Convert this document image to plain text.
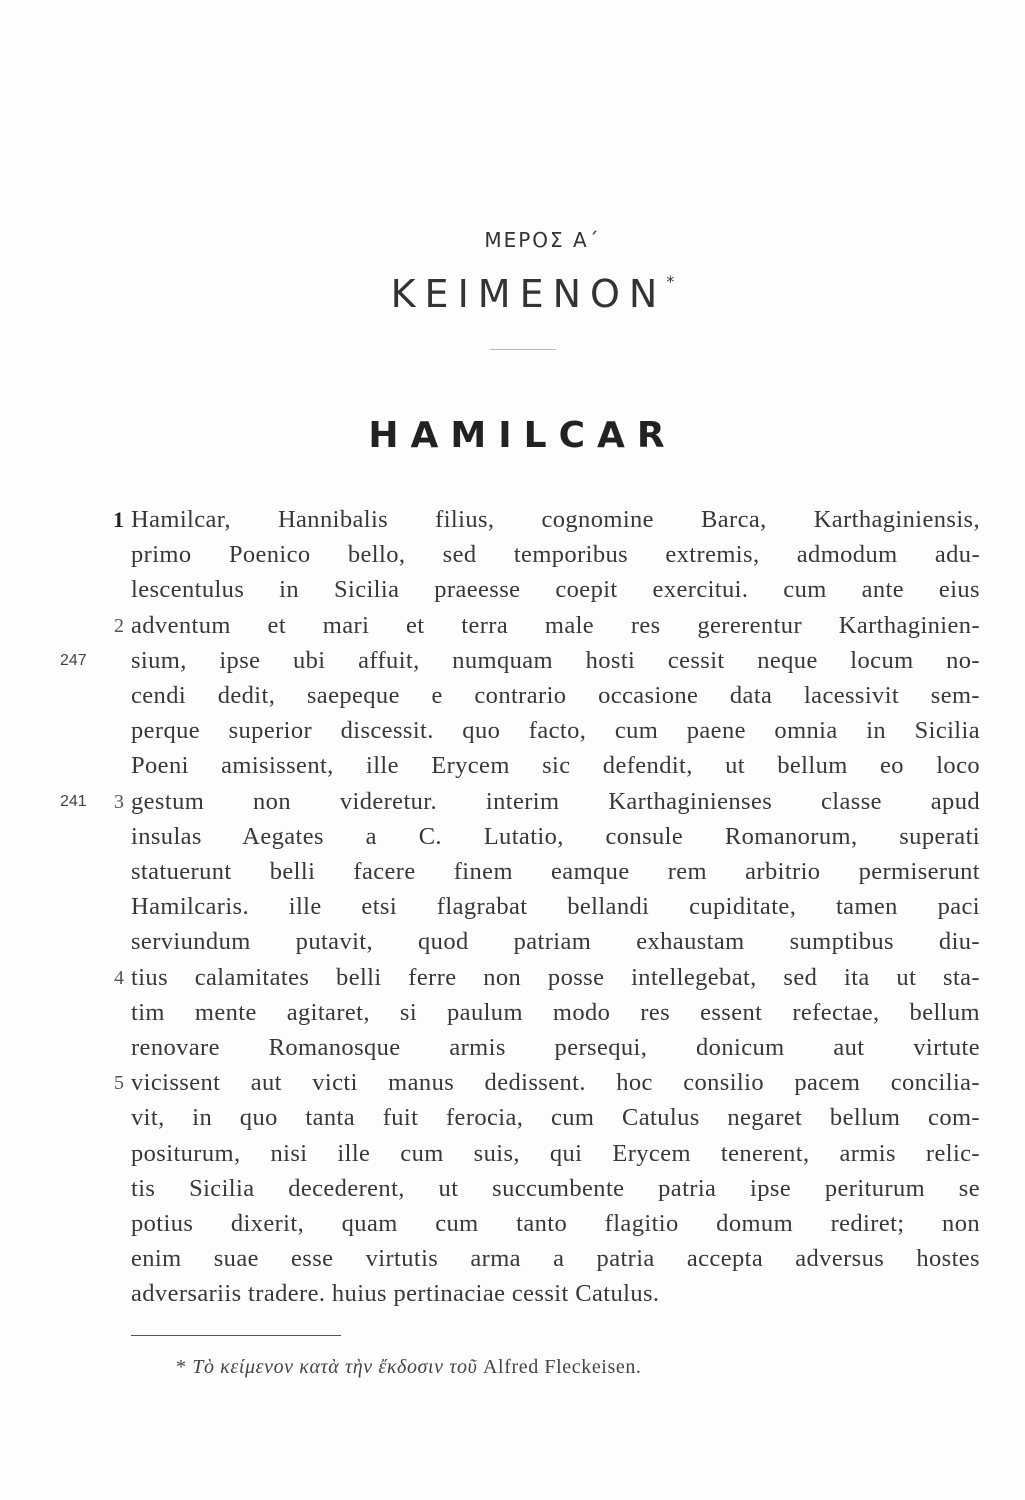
ΜΕΡΟΣ Α΄
KEIMENON*
HAMILCAR
Hamilcar, Hannibalis filius, cognomine Barca, Karthaginiensis,
1
primo Poenico bello, sed temporibus extremis, admodum adu-
lescentulus in Sicilia praeesse coepit exercitui. cum ante eius
adventum et mari et terra male res gererentur Karthaginien-
2
sium, ipse ubi affuit, numquam hosti cessit neque locum no-
247
cendi dedit, saepeque e contrario occasione data lacessivit sem-
perque superior discessit. quo facto, cum paene omnia in Sicilia
Poeni amisissent, ille Erycem sic defendit, ut bellum eo loco
gestum non videretur. interim Karthaginienses classe apud
3
241
insulas Aegates a C. Lutatio, consule Romanorum, superati
statuerunt belli facere finem eamque rem arbitrio permiserunt
Hamilcaris. ille etsi flagrabat bellandi cupiditate, tamen paci
serviundum putavit, quod patriam exhaustam sumptibus diu-
tius calamitates belli ferre non posse intellegebat, sed ita ut sta-
4
tim mente agitaret, si paulum modo res essent refectae, bellum
renovare Romanosque armis persequi, donicum aut virtute
vicissent aut victi manus dedissent. hoc consilio pacem concilia-
5
vit, in quo tanta fuit ferocia, cum Catulus negaret bellum com-
positurum, nisi ille cum suis, qui Erycem tenerent, armis relic-
tis Sicilia decederent, ut succumbente patria ipse periturum se
potius dixerit, quam cum tanto flagitio domum rediret; non
enim suae esse virtutis arma a patria accepta adversus hostes
adversariis tradere. huius pertinaciae cessit Catulus.
* Τὸ κείμενον κατὰ τὴν ἔκδοσιν τοῦ Alfred Fleckeisen.
